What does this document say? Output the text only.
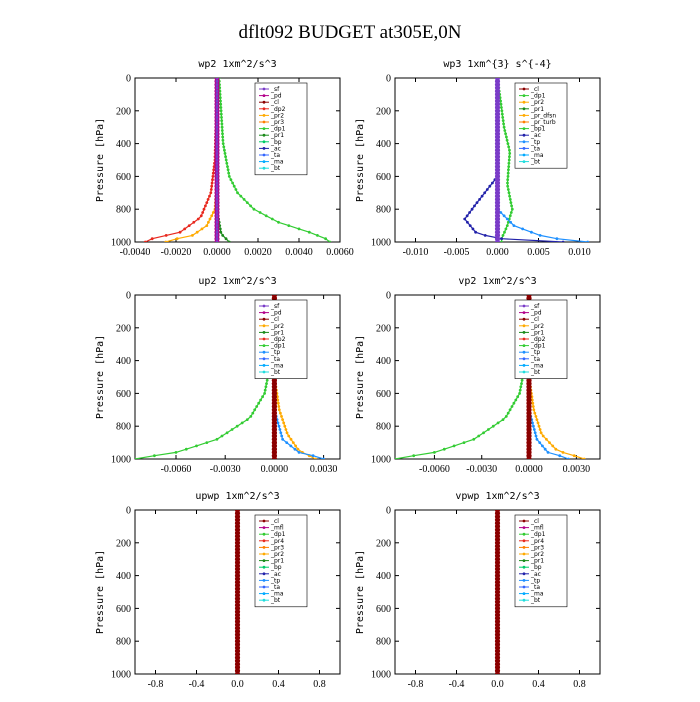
dflt092 BUDGET at305E,0N
wp2 1xm^2/s^3
Pressure [hPa]
0
200
400
600
800
1000
-0.0040 -0.0020 0.0000 0.0020 0.0040 0.0060
_sf
_pd
_cl
_dp2
_pr2
_pr3
_dp1
_pr1
_bp
_ac
_ta
_ma
_bt
wp3 1xm^{3} s^{-4}
Pressure [hPa]
0
200
400
600
800
1000
-0.010 -0.005 0.000 0.005 0.010
_cl
_dp1
_pr2
_pr1
_pr_dfsn
_pr_turb
_bp1
_ac
_tp
_ta
_ma
_bt
up2 1xm^2/s^3
Pressure [hPa]
0
200
400
600
800
1000
-0.0060 -0.0030 0.0000 0.0030
_sf
_pd
_cl
_pr2
_pr1
_dp2
_dp1
_tp
_ta
_ma
_bt
vp2 1xm^2/s^3
Pressure [hPa]
0
200
400
600
800
1000
-0.0060 -0.0030 0.0000 0.0030
_sf
_pd
_cl
_pr2
_pr1
_dp2
_dp1
_tp
_ta
_ma
_bt
upwp 1xm^2/s^3
Pressure [hPa]
0
200
400
600
800
1000
-0.8	-0.4	0.0	0.4	0.8
_cl
_mfl
_dp1
_pr4
_pr3
_pr2
_pr1
_bp
_ac
_tp
_ta
_ma
_bt
vpwp 1xm^2/s^3
Pressure [hPa]
0
200
400
600
800
1000
-0.8	-0.4	0.0	0.4	0.8
_cl
_mfl
_dp1
_pr4
_pr3
_pr2
_pr1
_bp
_ac
_tp
_ta
_ma
_bt
